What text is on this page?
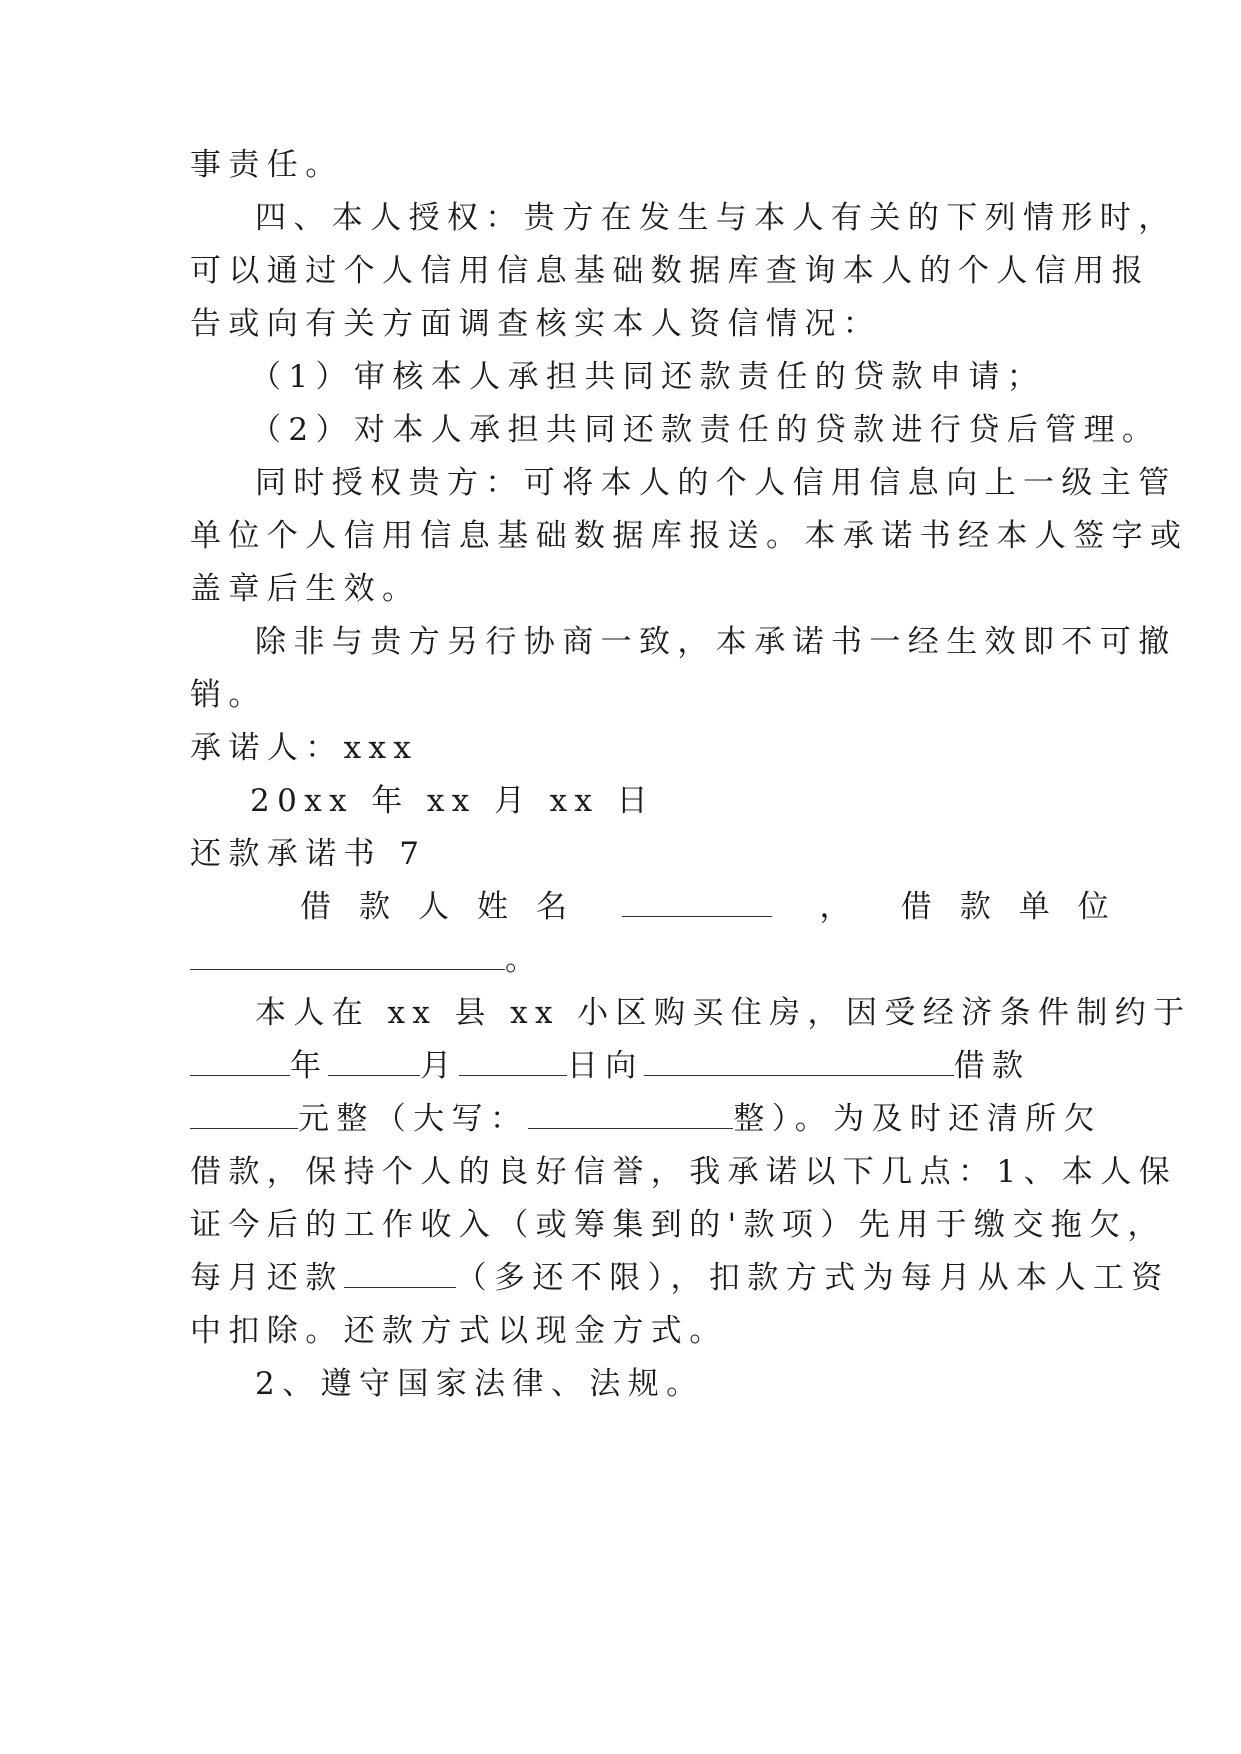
事责任。
四、本人授权：贵方在发生与本人有关的下列情形时，
可以通过个人信用信息基础数据库查询本人的个人信用报
告或向有关方面调查核实本人资信情况：
（1）审核本人承担共同还款责任的贷款申请；
（2）对本人承担共同还款责任的贷款进行贷后管理。
同时授权贵方：可将本人的个人信用信息向上一级主管
单位个人信用信息基础数据库报送。本承诺书经本人签字或
盖章后生效。
除非与贵方另行协商一致，本承诺书一经生效即不可撤
销。
承诺人：xxx
20xx 年 xx 月 xx 日
还款承诺书 7
借款人姓名	， 借款单位
。
本人在 xx 县 xx 小区购买住房，因受经济条件制约于
年	月	日向	借款
元整（大写：	整）。为及时还清所欠
借款，保持个人的良好信誉，我承诺以下几点：1、本人保
证今后的工作收入（或筹集到的'款项）先用于缴交拖欠，
每月还款	（多还不限），扣款方式为每月从本人工资
中扣除。还款方式以现金方式。
2、遵守国家法律、法规。
